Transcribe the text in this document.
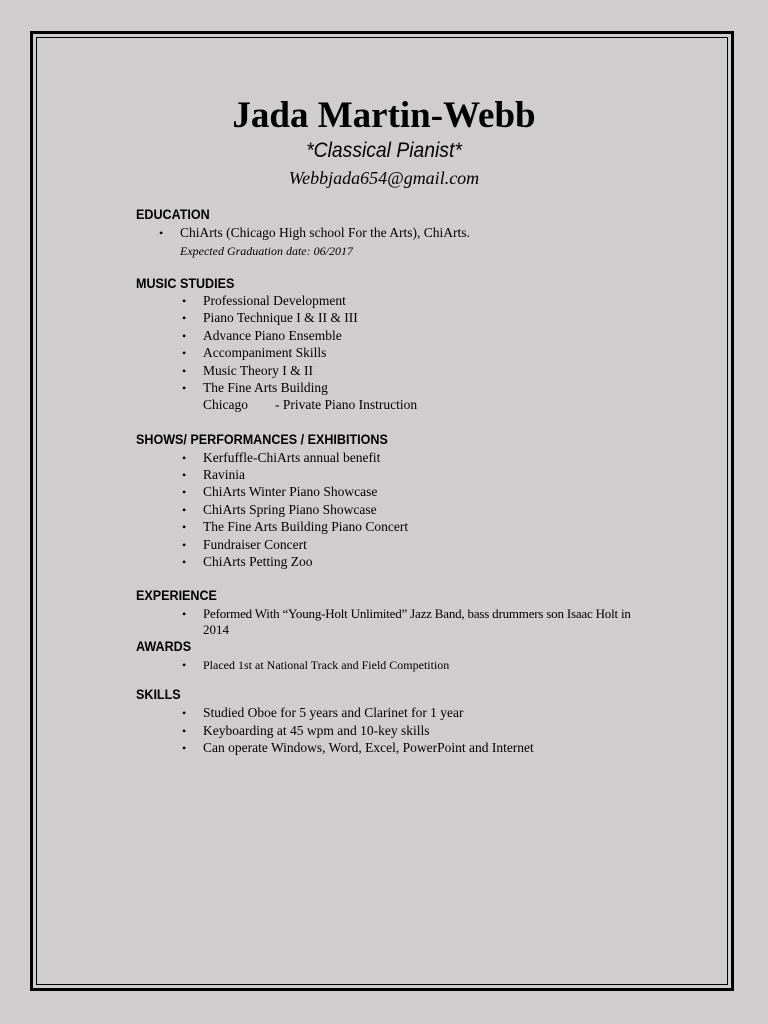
Jada Martin-Webb
*Classical Pianist*
Webbjada654@gmail.com
EDUCATION
• ChiArts (Chicago High school For the Arts), ChiArts.
Expected Graduation date: 06/2017
MUSIC STUDIES
• Professional Development
• Piano Technique I & II & III
• Advance Piano Ensemble
• Accompaniment Skills
• Music Theory I & II
• The Fine Arts Building
Chicago - Private Piano Instruction
SHOWS/ PERFORMANCES / EXHIBITIONS
• Kerfuffle-ChiArts annual benefit
• Ravinia
• ChiArts Winter Piano Showcase
• ChiArts Spring Piano Showcase
• The Fine Arts Building Piano Concert
• Fundraiser Concert
• ChiArts Petting Zoo
EXPERIENCE
• Peformed With “Young-Holt Unlimited” Jazz Band, bass drummers son Isaac Holt in
2014
AWARDS
• Placed 1st at National Track and Field Competition
SKILLS
• Studied Oboe for 5 years and Clarinet for 1 year
• Keyboarding at 45 wpm and 10-key skills
• Can operate Windows, Word, Excel, PowerPoint and Internet
